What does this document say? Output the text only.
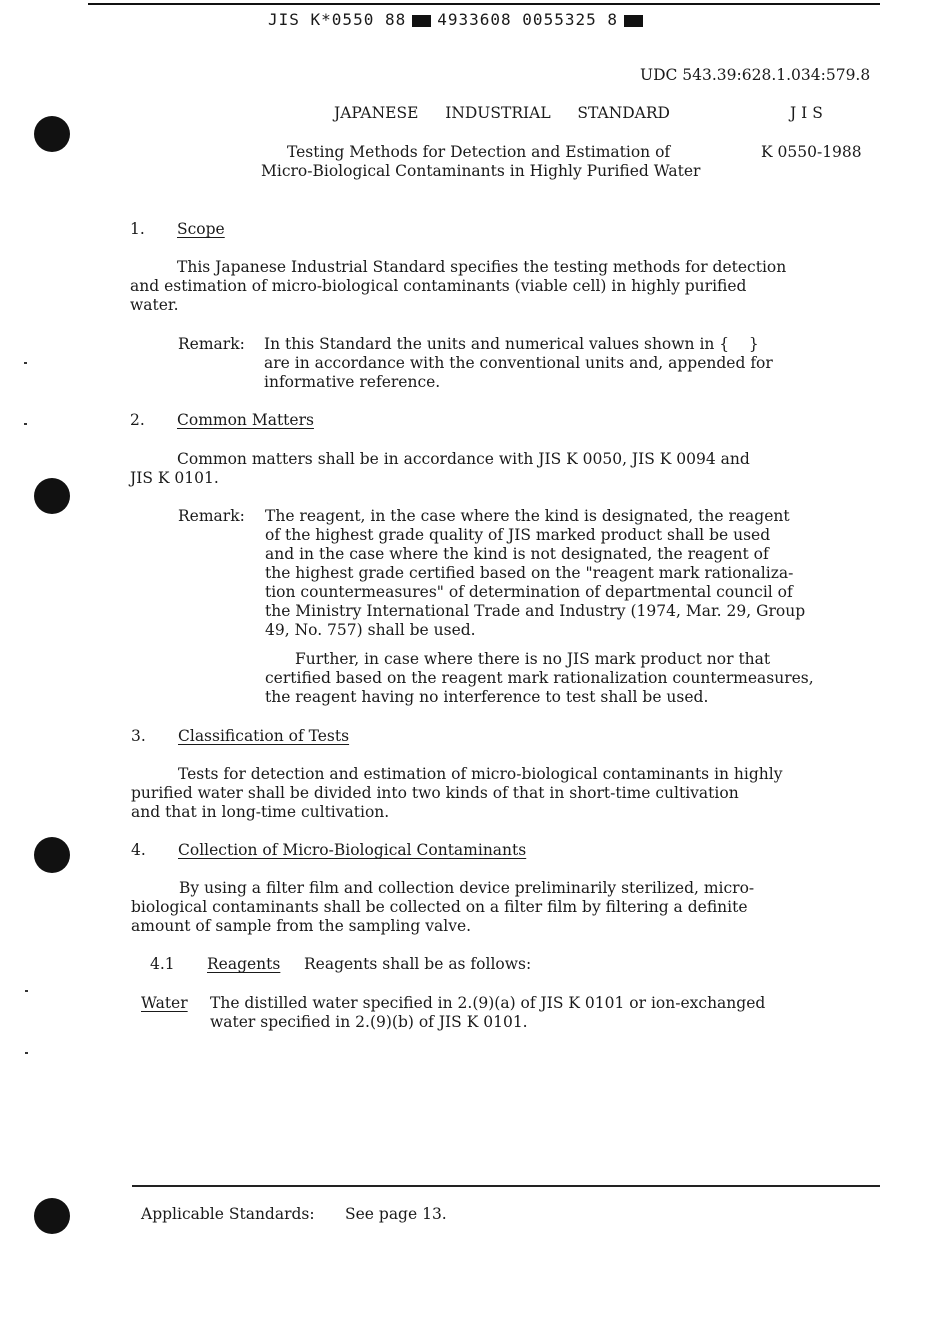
JIS K*0550 88 4933608 0055325 8
UDC 543.39:628.1.034:579.8
JAPANESE   INDUSTRIAL   STANDARD	J I S
Testing Methods for Detection and Estimation of
Micro-Biological Contaminants in Highly Purified Water
K 0550-1988
1. Scope
This Japanese Industrial Standard specifies the testing methods for detection
and estimation of micro-biological contaminants (viable cell) in highly purified
water.
Remark: In this Standard the units and numerical values shown in {    }
are in accordance with the conventional units and, appended for
informative reference.
2. Common Matters
Common matters shall be in accordance with JIS K 0050, JIS K 0094 and
JIS K 0101.
Remark: The reagent, in the case where the kind is designated, the reagent
of the highest grade quality of JIS marked product shall be used
and in the case where the kind is not designated, the reagent of
the highest grade certified based on the "reagent mark rationaliza-
tion countermeasures" of determination of departmental council of
the Ministry International Trade and Industry (1974, Mar. 29, Group
49, No. 757) shall be used.
Further, in case where there is no JIS mark product nor that
certified based on the reagent mark rationalization countermeasures,
the reagent having no interference to test shall be used.
3. Classification of Tests
Tests for detection and estimation of micro-biological contaminants in highly
purified water shall be divided into two kinds of that in short-time cultivation
and that in long-time cultivation.
4. Collection of Micro-Biological Contaminants
By using a filter film and collection device preliminarily sterilized, micro-
biological contaminants shall be collected on a filter film by filtering a definite
amount of sample from the sampling valve.
4.1 Reagents Reagents shall be as follows:
Water The distilled water specified in 2.(9)(a) of JIS K 0101 or ion-exchanged
water specified in 2.(9)(b) of JIS K 0101.
Applicable Standards: See page 13.
